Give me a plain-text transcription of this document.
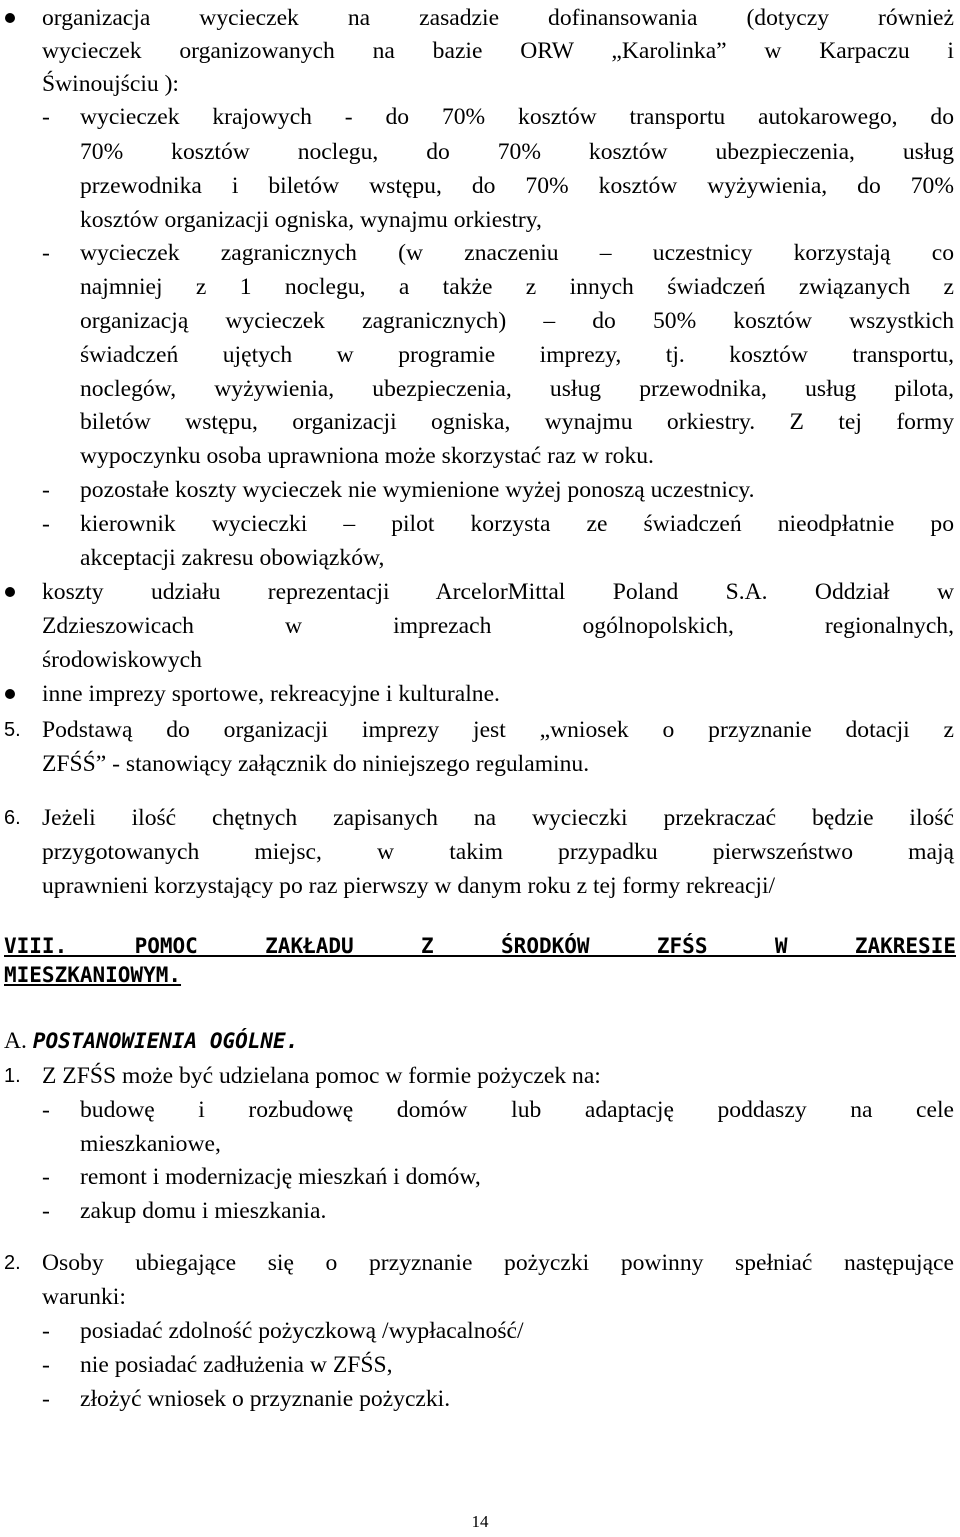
organizacja wycieczek na zasadzie dofinansowania (dotyczy również
wycieczek organizowanych na bazie ORW „Karolinka” w Karpaczu i
Świnoujściu ):
- wycieczek krajowych - do 70% kosztów transportu autokarowego, do
70% kosztów noclegu, do 70% kosztów ubezpieczenia, usług
przewodnika i biletów wstępu, do 70% kosztów wyżywienia, do 70%
kosztów organizacji ogniska, wynajmu orkiestry,
- wycieczek zagranicznych (w znaczeniu – uczestnicy korzystają co
najmniej z 1 noclegu, a także z innych świadczeń związanych z
organizacją wycieczek zagranicznych) – do 50% kosztów wszystkich
świadczeń ujętych w programie imprezy, tj. kosztów transportu,
noclegów, wyżywienia, ubezpieczenia, usług przewodnika, usług pilota,
biletów wstępu, organizacji ogniska, wynajmu orkiestry. Z tej formy
wypoczynku osoba uprawniona może skorzystać raz w roku.
- pozostałe koszty wycieczek nie wymienione wyżej ponoszą uczestnicy.
- kierownik wycieczki – pilot korzysta ze świadczeń nieodpłatnie po
akceptacji zakresu obowiązków,
koszty udziału reprezentacji ArcelorMittal Poland S.A. Oddział w
Zdzieszowicach w imprezach ogólnopolskich, regionalnych,
środowiskowych
inne imprezy sportowe, rekreacyjne i kulturalne.
5. Podstawą do organizacji imprezy jest „wniosek o przyznanie dotacji z
ZFŚŚ” - stanowiący załącznik do niniejszego regulaminu.
6. Jeżeli ilość chętnych zapisanych na wycieczki przekraczać będzie ilość
przygotowanych miejsc, w takim przypadku pierwszeństwo mają
uprawnieni korzystający po raz pierwszy w danym roku z tej formy rekreacji/
VIII. POMOC ZAKŁADU Z ŚRODKÓW ZFŚS W ZAKRESIE
MIESZKANIOWYM.
A. POSTANOWIENIA OGÓLNE.
1. Z ZFŚS może być udzielana pomoc w formie pożyczek na:
- budowę i rozbudowę domów lub adaptację poddaszy na cele
mieszkaniowe,
- remont i modernizację mieszkań i domów,
- zakup domu i mieszkania.
2. Osoby ubiegające się o przyznanie pożyczki powinny spełniać następujące
warunki:
- posiadać zdolność pożyczkową /wypłacalność/
- nie posiadać zadłużenia w ZFŚS,
- złożyć wniosek o przyznanie pożyczki.
14
